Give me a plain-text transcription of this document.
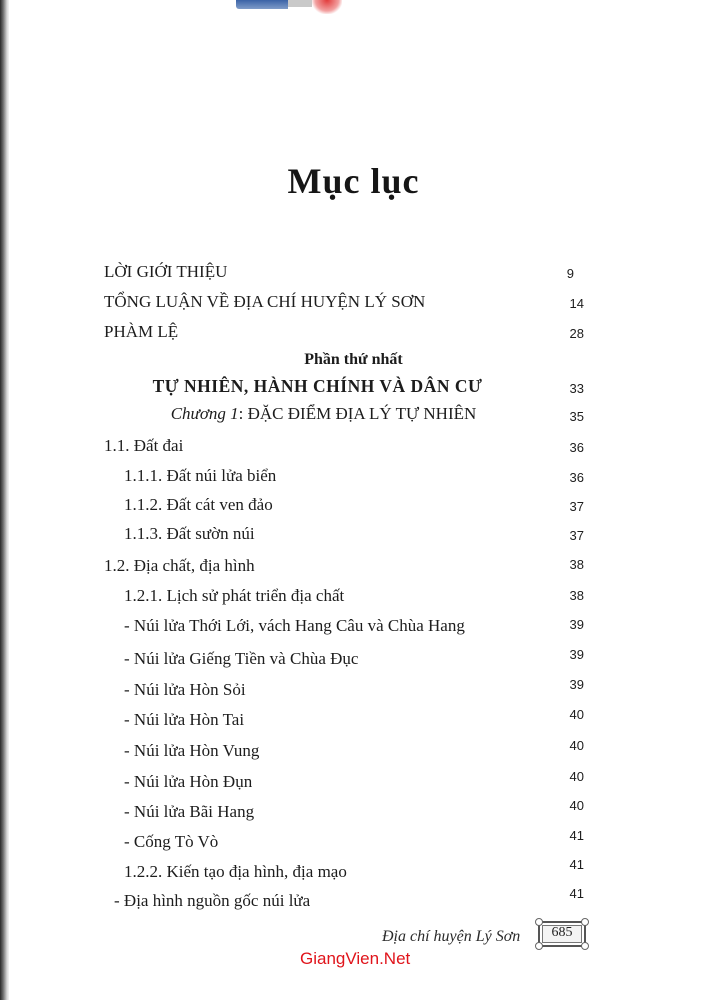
Mục lục
LỜI GIỚI THIỆU	9
TỔNG LUẬN VỀ ĐỊA CHÍ HUYỆN LÝ SƠN	14
PHÀM LỆ	28
Phần thứ nhất
TỰ NHIÊN, HÀNH CHÍNH VÀ DÂN CƯ	33
Chương 1: ĐẶC ĐIỂM ĐỊA LÝ TỰ NHIÊN	35
1.1. Đất đai	36
1.1.1. Đất núi lửa biển	36
1.1.2. Đất cát ven đảo	37
1.1.3. Đất sườn núi	37
1.2. Địa chất, địa hình	38
1.2.1. Lịch sử phát triển địa chất	38
- Núi lửa Thới Lới, vách Hang Câu và Chùa Hang	39
- Núi lửa Giếng Tiền và Chùa Đục	39
- Núi lửa Hòn Sỏi	39
- Núi lửa Hòn Tai	40
- Núi lửa Hòn Vung	40
- Núi lửa Hòn Đụn	40
- Núi lửa Bãi Hang	40
- Cống Tò Vò	41
1.2.2. Kiến tạo địa hình, địa mạo	41
- Địa hình nguồn gốc núi lửa	41
Địa chí huyện Lý Sơn	685
GiangVien.Net
